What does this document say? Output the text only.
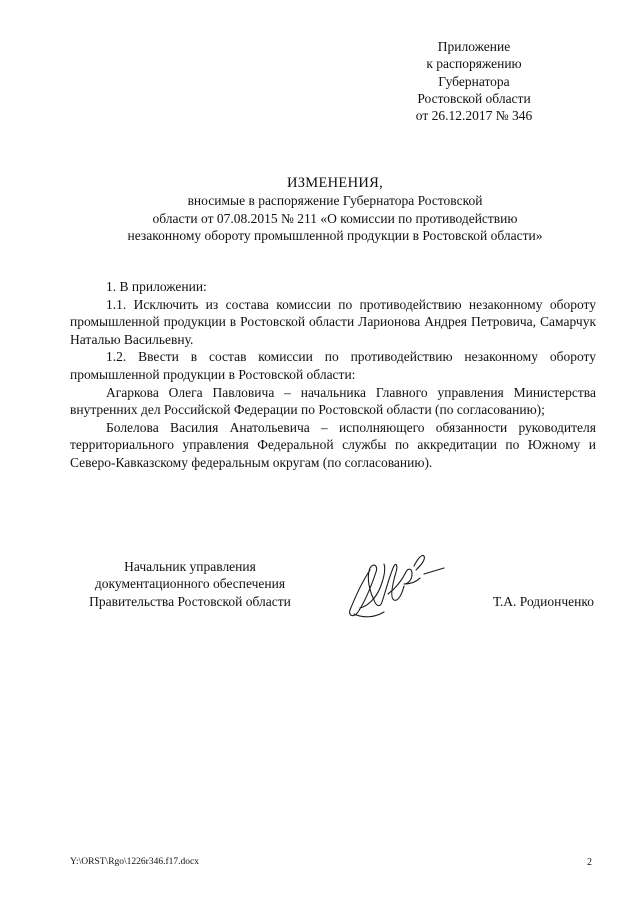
Приложение
к распоряжению
Губернатора
Ростовской области
от 26.12.2017 № 346
ИЗМЕНЕНИЯ,
вносимые в распоряжение Губернатора Ростовской
области от 07.08.2015 № 211 «О комиссии по противодействию
незаконному обороту промышленной продукции в Ростовской области»

1. В приложении:

1.1. Исключить из состава комиссии по противодействию незаконному обороту промышленной продукции в Ростовской области Ларионова Андрея Петровича, Самарчук Наталью Васильевну.

1.2. Ввести в состав комиссии по противодействию незаконному обороту промышленной продукции в Ростовской области:

Агаркова Олега Павловича – начальника Главного управления Министерства внутренних дел Российской Федерации по Ростовской области (по согласованию);

Болелова Василия Анатольевича – исполняющего обязанности руководителя территориального управления Федеральной службы по аккредитации по Южному и Северо-Кавказскому федеральным округам (по согласованию).

Начальник управления
документационного обеспечения
Правительства Ростовской области	Т.А. Родионченко
Y:\ORST\Rgo\1226r346.f17.docx	2
